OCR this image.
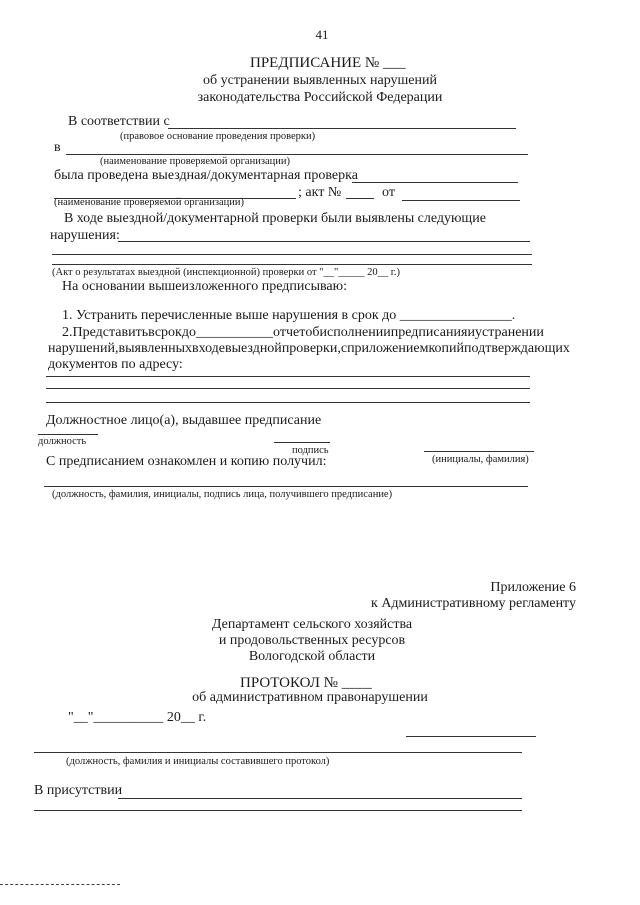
41
ПРЕДПИСАНИЕ № ___
об устранении выявленных нарушений
законодательства Российской Федерации
В соответствии с
(правовое основание проведения проверки)
в
(наименование проверяемой организации)
была проведена выездная/документарная проверка
; акт №	от
(наименование проверяемой организации)
В ходе выездной/документарной проверки были выявлены следующие
нарушения:
(Акт о результатах выездной (инспекционной) проверки от "__"_____ 20__ г.)
На основании вышеизложенного предписываю:
1. Устранить перечисленные выше нарушения в срок до ________________.
2. Представить в срок до ___________ отчет об исполнении предписания и устранении
нарушений, выявленных в ходе выездной проверки, с приложением копий подтверждающих
документов по адресу:
Должностное лицо(а), выдавшее предписание
должность
подпись
(инициалы, фамилия)
С предписанием ознакомлен и копию получил:
(должность, фамилия, инициалы, подпись лица, получившего предписание)
Приложение 6
к Административному регламенту
Департамент сельского хозяйства
и продовольственных ресурсов
Вологодской области
ПРОТОКОЛ № ____
об административном правонарушении
"__"__________ 20__ г.
(должность, фамилия и инициалы составившего протокол)
В присутствии
